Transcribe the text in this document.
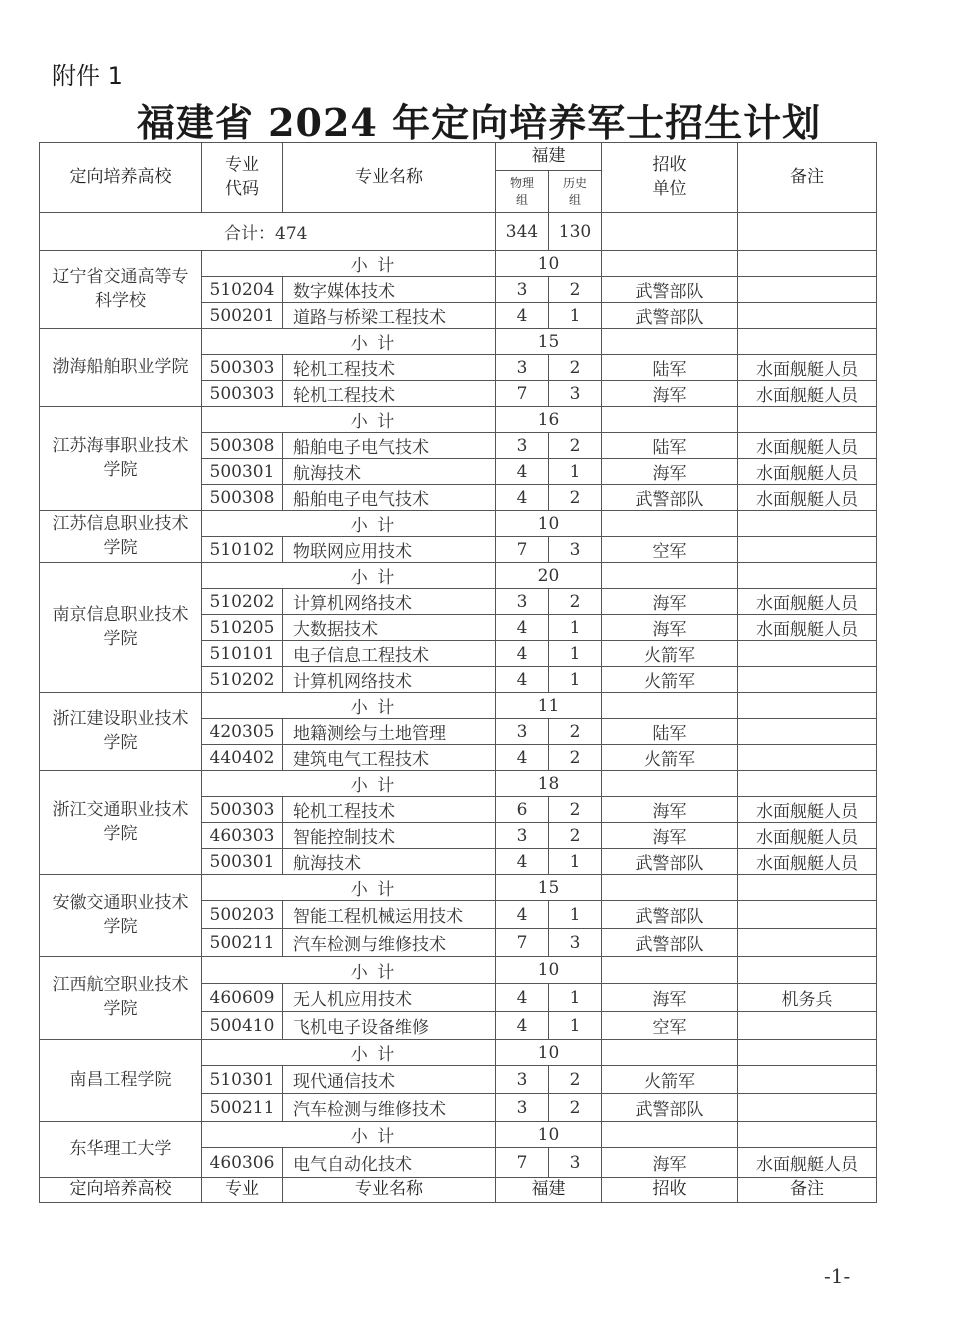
附件 1
福建省 2024 年定向培养军士招生计划
定向培养高校	专业代码	专业名称	福建		招收单位	备注
			物理组	历史组		
合计：474			344	130		
辽宁省交通高等专科学校	小 计		10			
	510204	数字媒体技术	3	2	武警部队	
	500201	道路与桥梁工程技术	4	1	武警部队	
渤海船舶职业学院	小 计		15			
	500303	轮机工程技术	3	2	陆军	水面舰艇人员
	500303	轮机工程技术	7	3	海军	水面舰艇人员
江苏海事职业技术学院	小 计		16			
	500308	船舶电子电气技术	3	2	陆军	水面舰艇人员
	500301	航海技术	4	1	海军	水面舰艇人员
	500308	船舶电子电气技术	4	2	武警部队	水面舰艇人员
江苏信息职业技术学院	小 计		10			
	510102	物联网应用技术	7	3	空军	
南京信息职业技术学院	小 计		20			
	510202	计算机网络技术	3	2	海军	水面舰艇人员
	510205	大数据技术	4	1	海军	水面舰艇人员
	510101	电子信息工程技术	4	1	火箭军	
	510202	计算机网络技术	4	1	火箭军	
浙江建设职业技术学院	小 计		11			
	420305	地籍测绘与土地管理	3	2	陆军	
	440402	建筑电气工程技术	4	2	火箭军	
浙江交通职业技术学院	小 计		18			
	500303	轮机工程技术	6	2	海军	水面舰艇人员
	460303	智能控制技术	3	2	海军	水面舰艇人员
	500301	航海技术	4	1	武警部队	水面舰艇人员
安徽交通职业技术学院	小 计		15			
	500203	智能工程机械运用技术	4	1	武警部队	
	500211	汽车检测与维修技术	7	3	武警部队	
江西航空职业技术学院	小 计		10			
	460609	无人机应用技术	4	1	海军	机务兵
	500410	飞机电子设备维修	4	1	空军	
南昌工程学院	小 计		10			
	510301	现代通信技术	3	2	火箭军	
	500211	汽车检测与维修技术	3	2	武警部队	
东华理工大学	小 计		10			
	460306	电气自动化技术	7	3	海军	水面舰艇人员
定向培养高校	专业	专业名称	福建		招收	备注
-1-
